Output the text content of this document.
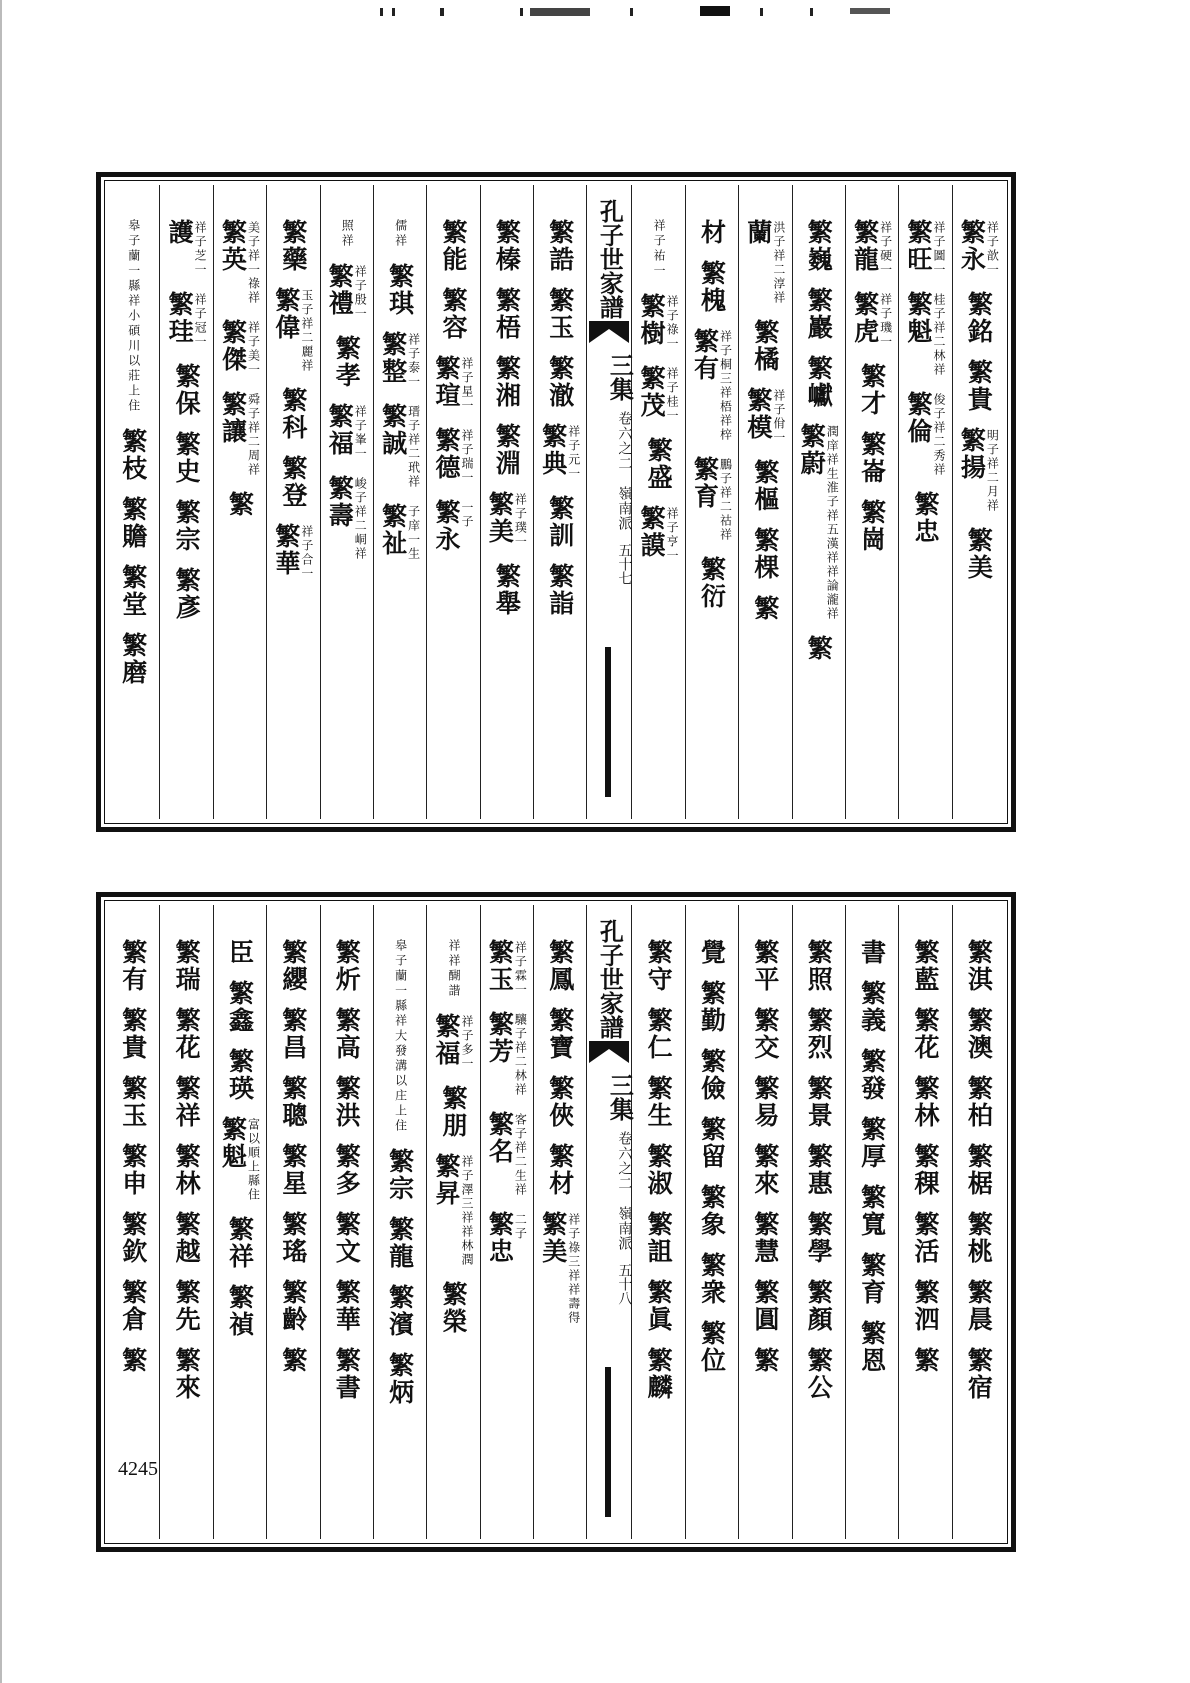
繁永 祥子歆一
繁銘
繁貴
繁揚 明子祥二月祥
繁美
繁旺 祥子圖一
繁魁 桂子祥二林祥
繁倫 俊子祥二秀祥
繁忠
繁龍 祥子硬一
繁虎 祥子璣一
繁才
繁崙
繁崗
繁巍
繁巖
繁巘
繁蔚 潤庠祥生淮子祥五漢祥祥論瀧祥
繁
蘭 洪子祥二淳祥
繁橘
繁模 祥子佾一
繁樞
繁棵
繁
材
繁槐
繁有 祥子桐三祥梧祥梓
繁育 鵬子祥二祜祥
繁衍
祥子祐一
繁樹 祥子祿一
繁茂 祥子桂一
繁盛
繁謨 祥子亨一
孔子世家譜
三集
卷六之二　嶺南派
五十七
繁誥
繁玉
繁澈
繁典 祥子元一
繁訓
繁詣
繁榛
繁梧
繁湘
繁淵
繁美 祥子璞一
繁舉
繁能
繁容
繁瑄 祥子星一
繁德 祥子瑞一
繁永 一子
儒祥
繁琪
繁整 祥子泰一
繁誠 瑨子祥二玳祥
繁祉 子庠一生
照祥
繁禮 祥子殷一
繁孝
繁福 祥子峯一
繁壽 峻子祥二峒祥
繁藥
繁偉 玉子祥二麗祥
繁科
繁登
繁華 祥子合一
繁英 美子祥一祿祥
繁傑 祥子美一
繁讓 舜子祥二周祥
繁
護 祥子芝一
繁珪 祥子冠一
繁保
繁史
繁宗
繁彥
皋子蘭一縣祥小碩川以莊上住
繁枝
繁贍
繁堂
繁磨
繁淇
繁澳
繁柏
繁椐
繁桃
繁晨
繁宿
繁藍
繁花
繁林
繁稞
繁活
繁泗
繁
書
繁義
繁發
繁厚
繁寬
繁育
繁恩
繁照
繁烈
繁景
繁惠
繁學
繁顏
繁公
繁平
繁交
繁易
繁來
繁慧
繁圓
繁
覺
繁勤
繁儉
繁留
繁象
繁衆
繁位
繁守
繁仁
繁生
繁淑
繁詛
繁眞
繁麟
孔子世家譜
三集
卷六之二　嶺南派
五十八
繁鳳
繁寶
繁俠
繁材
繁美 祥子祿三祥祥壽得
繁玉 祥子霖一
繁芳 驤子祥二林祥
繁名 客子祥二生祥
繁忠 二子
祥祥醐諧
繁福 祥子多一
繁朋
繁昇 祥子澤三祥祥林潤
繁榮
皋子蘭一縣祥大發溝以庄上住
繁宗
繁龍
繁濱
繁炳
繁炘
繁高
繁洪
繁多
繁文
繁華
繁書
繁纓
繁昌
繁聰
繁星
繁瑤
繁齡
繁
臣
繁鑫
繁瑛
繁魁 富以順上縣住
繁祥
繁禎
繁瑞
繁花
繁祥
繁林
繁越
繁先
繁來
繁有
繁貴
繁玉
繁申
繁欽
繁倉
繁
4245
